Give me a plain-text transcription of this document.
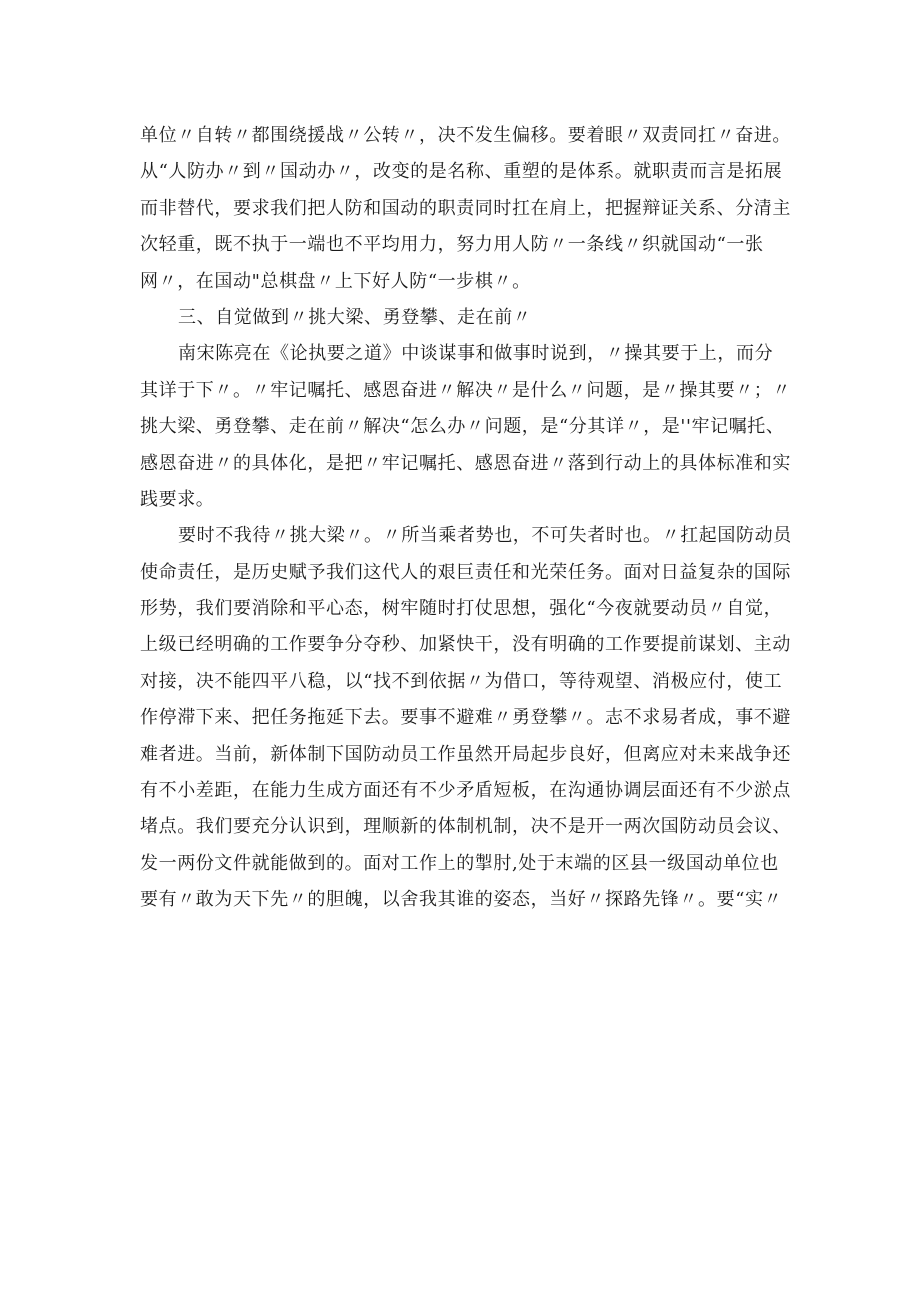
单位〃自转〃都围绕援战〃公转〃，决不发生偏移。要着眼〃双责同扛〃奋进。
从“人防办〃到〃国动办〃，改变的是名称、重塑的是体系。就职责而言是拓展
而非替代，要求我们把人防和国动的职责同时扛在肩上，把握辩证关系、分清主
次轻重，既不执于一端也不平均用力，努力用人防〃一条线〃织就国动“一张
网〃，在国动"总棋盘〃上下好人防“一步棋〃。
三、自觉做到〃挑大梁、勇登攀、走在前〃
南宋陈亮在《论执要之道》中谈谋事和做事时说到，〃操其要于上，而分
其详于下〃。〃牢记嘱托、感恩奋进〃解决〃是什么〃问题，是〃操其要〃；〃
挑大梁、勇登攀、走在前〃解决“怎么办〃问题，是“分其详〃，是''牢记嘱托、
感恩奋进〃的具体化，是把〃牢记嘱托、感恩奋进〃落到行动上的具体标准和实
践要求。
要时不我待〃挑大梁〃。〃所当乘者势也，不可失者时也。〃扛起国防动员
使命责任，是历史赋予我们这代人的艰巨责任和光荣任务。面对日益复杂的国际
形势，我们要消除和平心态，树牢随时打仗思想，强化“今夜就要动员〃自觉，
上级已经明确的工作要争分夺秒、加紧快干，没有明确的工作要提前谋划、主动
对接，决不能四平八稳，以“找不到依据〃为借口，等待观望、消极应付，使工
作停滞下来、把任务拖延下去。要事不避难〃勇登攀〃。志不求易者成，事不避
难者进。当前，新体制下国防动员工作虽然开局起步良好，但离应对未来战争还
有不小差距，在能力生成方面还有不少矛盾短板，在沟通协调层面还有不少淤点
堵点。我们要充分认识到，理顺新的体制机制，决不是开一两次国防动员会议、
发一两份文件就能做到的。面对工作上的掣肘,处于末端的区县一级国动单位也
要有〃敢为天下先〃的胆魄，以舍我其谁的姿态，当好〃探路先锋〃。要“实〃
